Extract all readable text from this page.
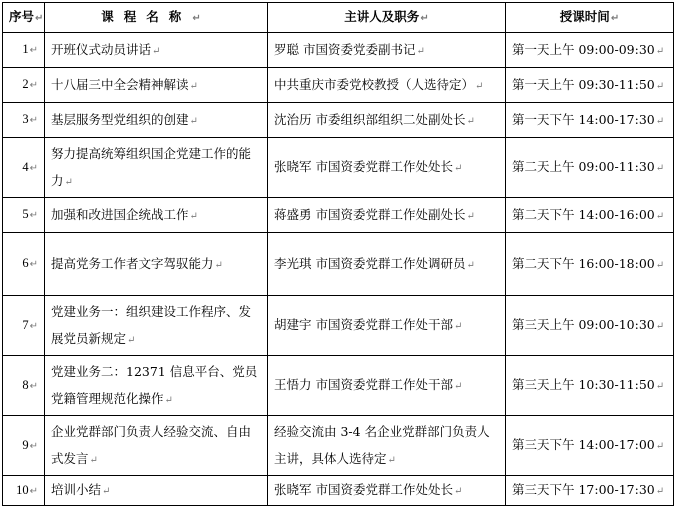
序号↵	课程名称↵	主讲人及职务↵	授课时间↵
1↵	开班仪式动员讲话↵	罗聪 市国资委党委副书记↵	第一天上午 09:00-09:30↵
2↵	十八届三中全会精神解读↵	中共重庆市委党校教授（人选待定）↵	第一天上午 09:30-11:50↵
3↵	基层服务型党组织的创建↵	沈治历 市委组织部组织二处副处长↵	第一天下午 14:00-17:30↵
4↵	努力提高统筹组织国企党建工作的能力↵	张晓军 市国资委党群工作处处长↵	第二天上午 09:00-11:30↵
5↵	加强和改进国企统战工作↵	蒋盛勇 市国资委党群工作处副处长↵	第二天下午 14:00-16:00↵
6↵	提高党务工作者文字驾驭能力↵	李光琪 市国资委党群工作处调研员↵	第二天下午 16:00-18:00↵
7↵	党建业务一：组织建设工作程序、发展党员新规定↵	胡建宇 市国资委党群工作处干部↵	第三天上午 09:00-10:30↵
8↵	党建业务二：12371 信息平台、党员党籍管理规范化操作↵	王悟力 市国资委党群工作处干部↵	第三天上午 10:30-11:50↵
9↵	企业党群部门负责人经验交流、自由式发言↵	经验交流由 3-4 名企业党群部门负责人主讲，具体人选待定↵	第三天下午 14:00-17:00↵
10↵	培训小结↵	张晓军 市国资委党群工作处处长↵	第三天下午 17:00-17:30↵
